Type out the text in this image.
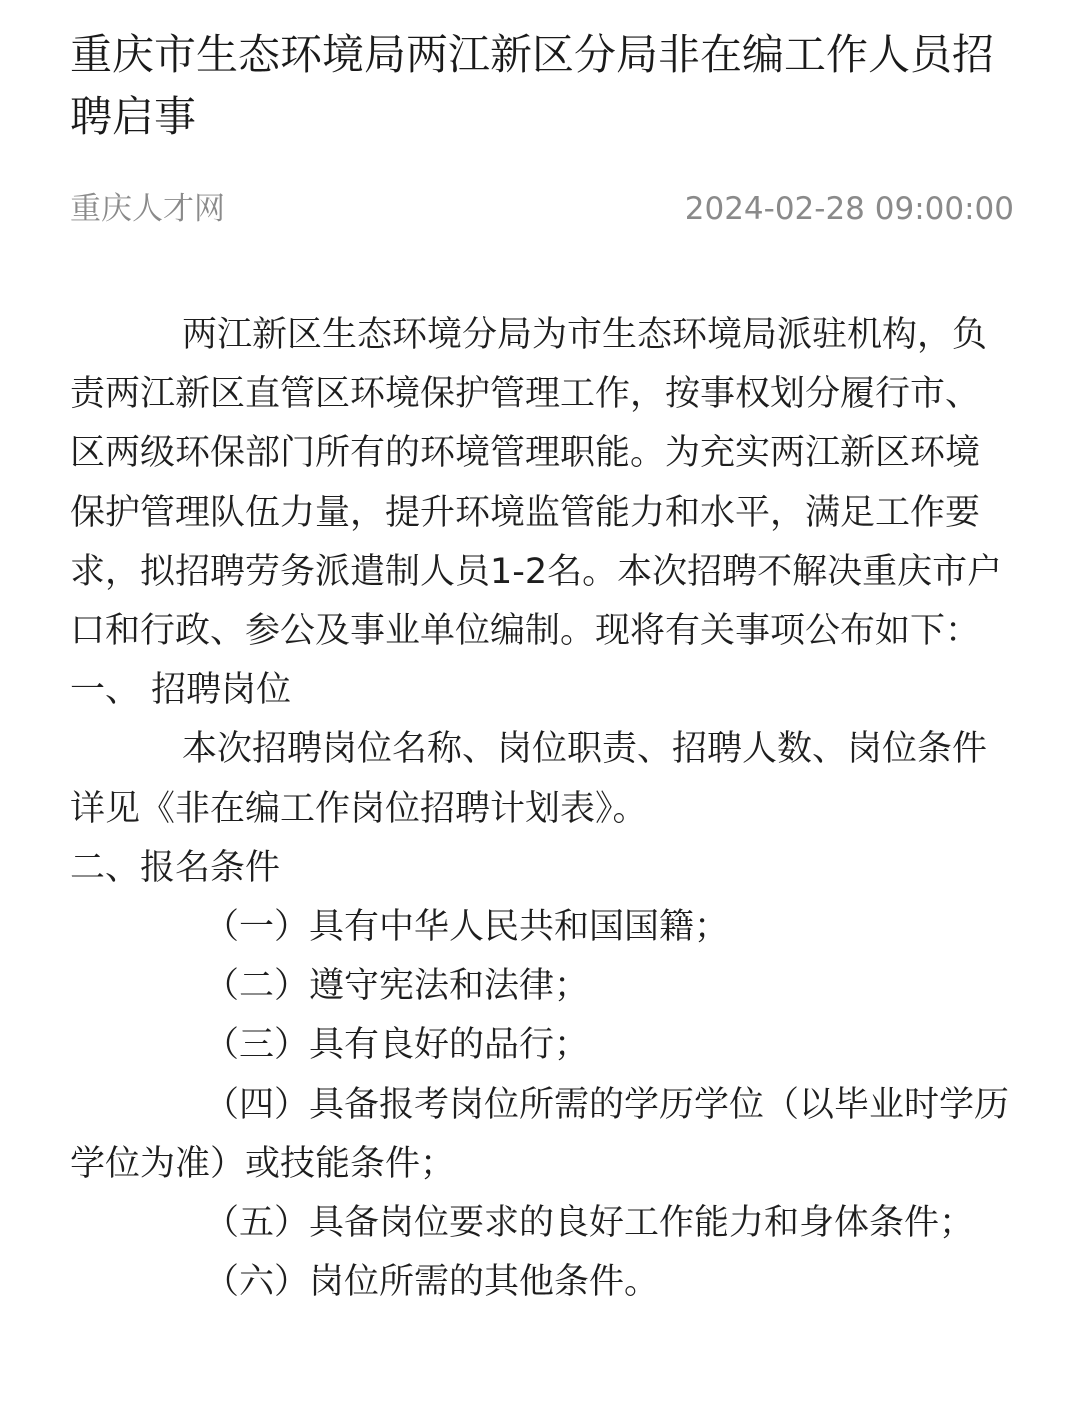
重庆市生态环境局两江新区分局非在编工作人员招聘启事
重庆人才网	2024-02-28 09:00:00

两江新区生态环境分局为市生态环境局派驻机构，负责两江新区直管区环境保护管理工作，按事权划分履行市、区两级环保部门所有的环境管理职能。为充实两江新区环境保护管理队伍力量，提升环境监管能力和水平，满足工作要求，拟招聘劳务派遣制人员1-2名。本次招聘不解决重庆市户口和行政、参公及事业单位编制。现将有关事项公布如下：

一、 招聘岗位

本次招聘岗位名称、岗位职责、招聘人数、岗位条件详见《非在编工作岗位招聘计划表》。

二、报名条件

（一）具有中华人民共和国国籍；

（二）遵守宪法和法律；

（三）具有良好的品行；

（四）具备报考岗位所需的学历学位（以毕业时学历学位为准）或技能条件；

（五）具备岗位要求的良好工作能力和身体条件；

（六）岗位所需的其他条件。
